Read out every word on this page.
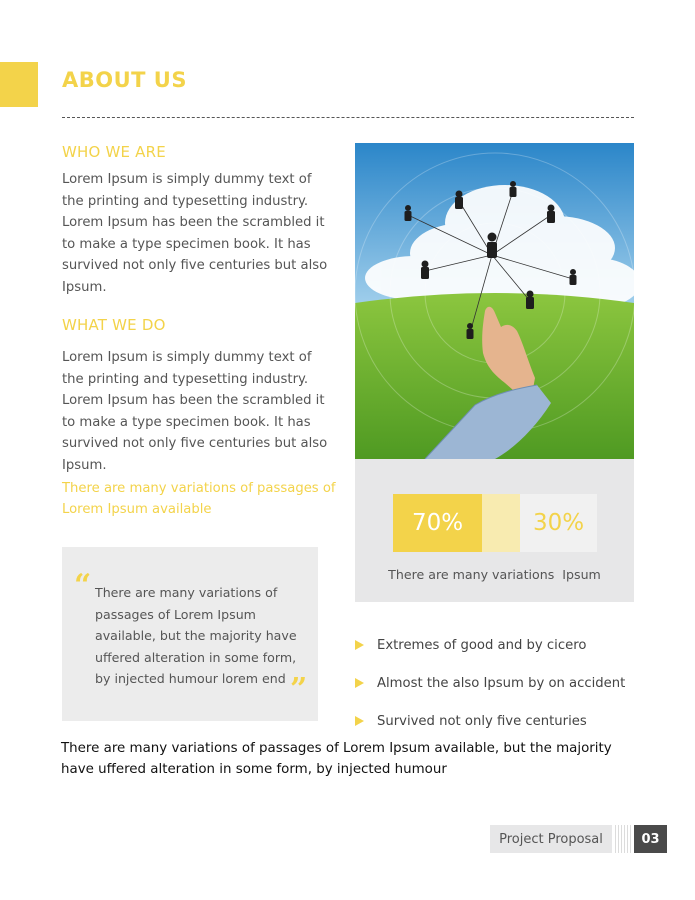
ABOUT US
WHO WE ARE

Lorem Ipsum is simply dummy text of the printing and typesetting industry. Lorem Ipsum has been the scrambled it to make a type specimen book. It has survived not only five centuries but also Ipsum.

WHAT WE DO

Lorem Ipsum is simply dummy text of the printing and typesetting industry. Lorem Ipsum has been the scrambled it to make a type specimen book. It has survived not only five centuries but also Ipsum.

There are many variations of passages of Lorem Ipsum available

“ There are many variations of passages of Lorem Ipsum available, but the majority have uffered alteration in some form, by injected humour lorem end ”
70%	30%

There are many variations  Ipsum

Extremes of good and by cicero
Almost the also Ipsum by on accident
Survived not only five centuries

There are many variations of passages of Lorem Ipsum available, but the majority have uffered alteration in some form, by injected humour

Project Proposal	03
